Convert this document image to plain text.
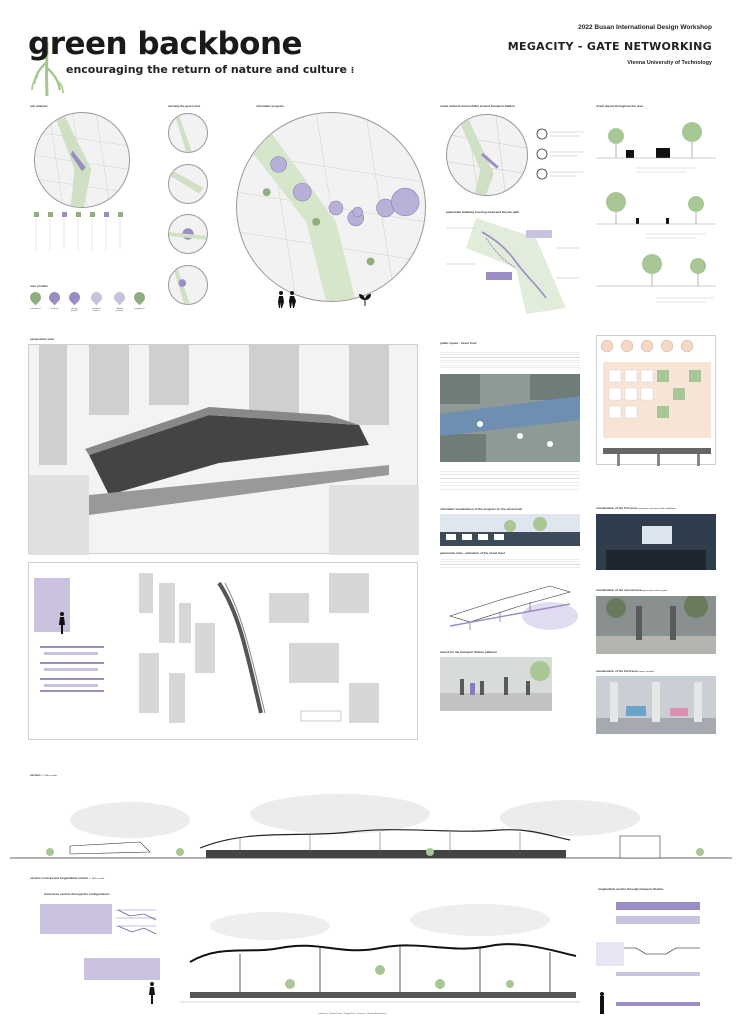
green backbone
encouraging the return of nature and culture ⁝
2022 Busan International Design Workshop
MEGACITY - GATE NETWORKING
Vienna University of Technology
site analysis
user profiles
commuters	students	young people
people of families
elderly people
employees
existing the green axis	schematic program	street network and mobility around Gumjeon Station
pedestrian walkway housing tread and bicycle path
street layout throughout the area
perspective view
public space - street food
schematic visualisation of the program on the street level
panoramic view - activation of the street level
view from the Gumjeon Station platform
visualisation of the first area temporary structures and exhibitions
visualisation of the second area green and market space
visualisation of the third area sports corridor
section 1 : 500 m scale
section concept and longitudinal section 1 : 200 m scale
transverse section through the configurations
longitudinal section through Gumjeon Station
Lindström · Novák-Kovač · Babyj-Pech · Brunner · Müller-Rechenbach
